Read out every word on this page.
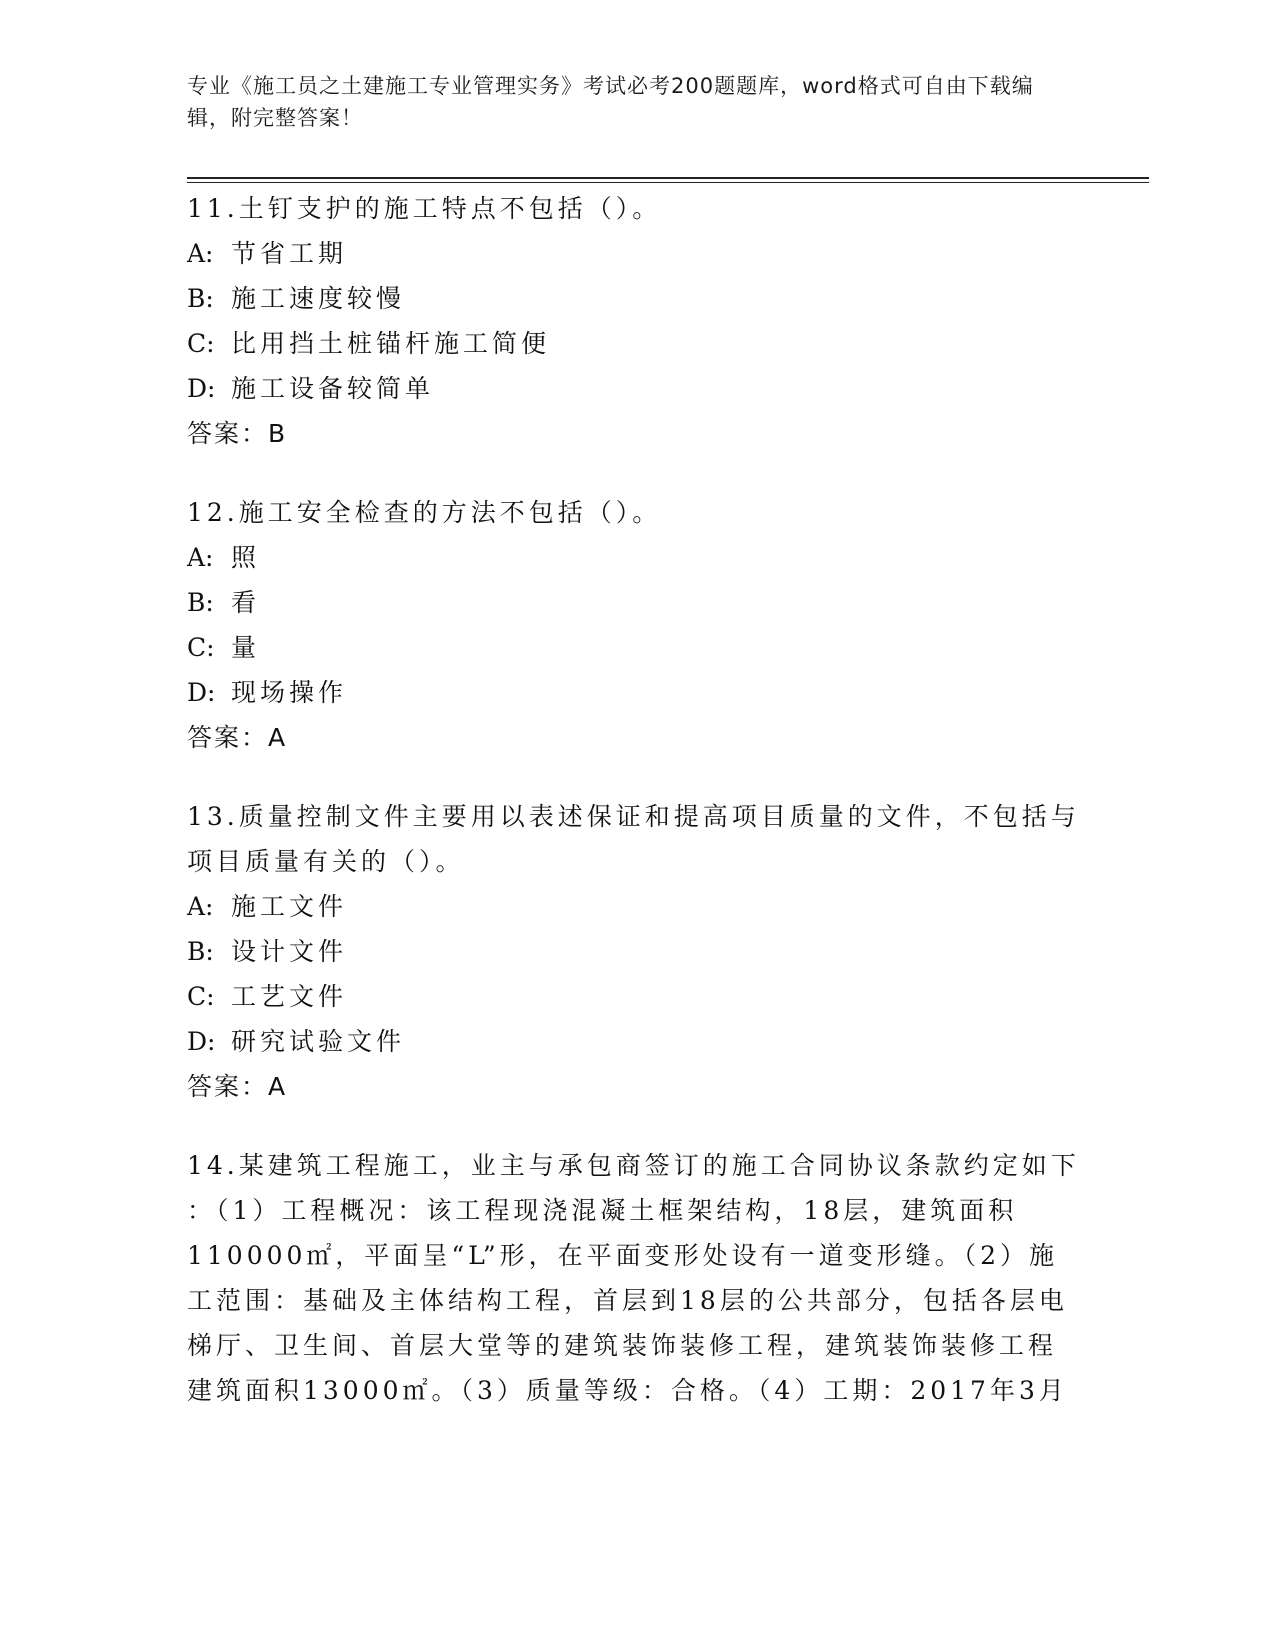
专业《施工员之土建施工专业管理实务》考试必考200题题库，word格式可自由下载编辑，附完整答案！
11.土钉支护的施工特点不包括（）。
A: 节省工期
B: 施工速度较慢
C: 比用挡土桩锚杆施工简便
D: 施工设备较简单
答案：B
12.施工安全检查的方法不包括（）。
A: 照
B: 看
C: 量
D: 现场操作
答案：A
13.质量控制文件主要用以表述保证和提高项目质量的文件，不包括与
项目质量有关的（）。
A: 施工文件
B: 设计文件
C: 工艺文件
D: 研究试验文件
答案：A
14.某建筑工程施工，业主与承包商签订的施工合同协议条款约定如下
：（1）工程概况：该工程现浇混凝土框架结构，18层，建筑面积
110000㎡，平面呈“L”形，在平面变形处设有一道变形缝。（2）施
工范围：基础及主体结构工程，首层到18层的公共部分，包括各层电
梯厅、卫生间、首层大堂等的建筑装饰装修工程，建筑装饰装修工程
建筑面积13000㎡。（3）质量等级：合格。（4）工期：2017年3月
